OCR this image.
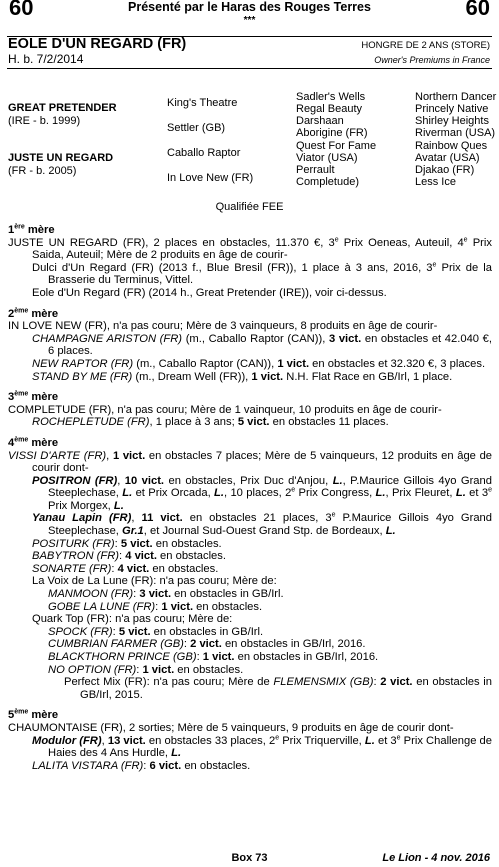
60	60
Présenté par le Haras des Rouges Terres
***
EOLE D'UN REGARD (FR)
H. b. 7/2/2014
HONGRE DE 2 ANS (STORE)
Owner's Premiums in France
GREAT PRETENDER
(IRE - b. 1999)
JUSTE UN REGARD
(FR - b. 2005)
King's Theatre
Settler (GB)
Caballo Raptor
In Love New (FR)
Sadler's Wells
Regal Beauty
Darshaan
Aborigine (FR)
Quest For Fame
Viator (USA)
Perrault
Completude)
Northern Dancer
Princely Native
Shirley Heights
Riverman (USA)
Rainbow Ques
Avatar (USA)
Djakao (FR)
Less Ice
Qualifiée FEE

1ère mère

JUSTE UN REGARD (FR), 2 places en obstacles, 11.370 €, 3e Prix Oeneas, Auteuil, 4e Prix Saida, Auteuil; Mère de 2 produits en âge de courir-

Dulci d'Un Regard (FR) (2013 f., Blue Bresil (FR)), 1 place à 3 ans, 2016, 3e Prix de la Brasserie du Terminus, Vittel.

Eole d'Un Regard (FR) (2014 h., Great Pretender (IRE)), voir ci-dessus.

2ème mère

IN LOVE NEW (FR), n'a pas couru; Mère de 3 vainqueurs, 8 produits en âge de courir-

CHAMPAGNE ARISTON (FR) (m., Caballo Raptor (CAN)), 3 vict. en obstacles et 42.040 €, 6 places.

NEW RAPTOR (FR) (m., Caballo Raptor (CAN)), 1 vict. en obstacles et 32.320 €, 3 places.

STAND BY ME (FR) (m., Dream Well (FR)), 1 vict. N.H. Flat Race en GB/Irl, 1 place.

3ème mère

COMPLETUDE (FR), n'a pas couru; Mère de 1 vainqueur, 10 produits en âge de courir-

ROCHEPLETUDE (FR), 1 place à 3 ans; 5 vict. en obstacles 11 places.

4ème mère

VISSI D'ARTE (FR), 1 vict. en obstacles 7 places; Mère de 5 vainqueurs, 12 produits en âge de courir dont-

POSITRON (FR), 10 vict. en obstacles, Prix Duc d'Anjou, L., P.Maurice Gillois 4yo Grand Steeplechase, L. et Prix Orcada, L., 10 places, 2e Prix Congress, L., Prix Fleuret, L. et 3e Prix Morgex, L.

Yanau Lapin (FR), 11 vict. en obstacles 21 places, 3e P.Maurice Gillois 4yo Grand Steeplechase, Gr.1, et Journal Sud-Ouest Grand Stp. de Bordeaux, L.

POSITURK (FR): 5 vict. en obstacles.

BABYTRON (FR): 4 vict. en obstacles.

SONARTE (FR): 4 vict. en obstacles.

La Voix de La Lune (FR): n'a pas couru; Mère de:

MANMOON (FR): 3 vict. en obstacles in GB/Irl.

GOBE LA LUNE (FR): 1 vict. en obstacles.

Quark Top (FR): n'a pas couru; Mère de:

SPOCK (FR): 5 vict. en obstacles in GB/Irl.

CUMBRIAN FARMER (GB): 2 vict. en obstacles in GB/Irl, 2016.

BLACKTHORN PRINCE (GB): 1 vict. en obstacles in GB/Irl, 2016.

NO OPTION (FR): 1 vict. en obstacles.

Perfect Mix (FR): n'a pas couru; Mère de FLEMENSMIX (GB): 2 vict. en obstacles in GB/Irl, 2015.

5ème mère

CHAUMONTAISE (FR), 2 sorties; Mère de 5 vainqueurs, 9 produits en âge de courir dont-

Modulor (FR), 13 vict. en obstacles 33 places, 2e Prix Triquerville, L. et 3e Prix Challenge de Haies des 4 Ans Hurdle, L.

LALITA VISTARA (FR): 6 vict. en obstacles.

Box 73	Le Lion - 4 nov. 2016
